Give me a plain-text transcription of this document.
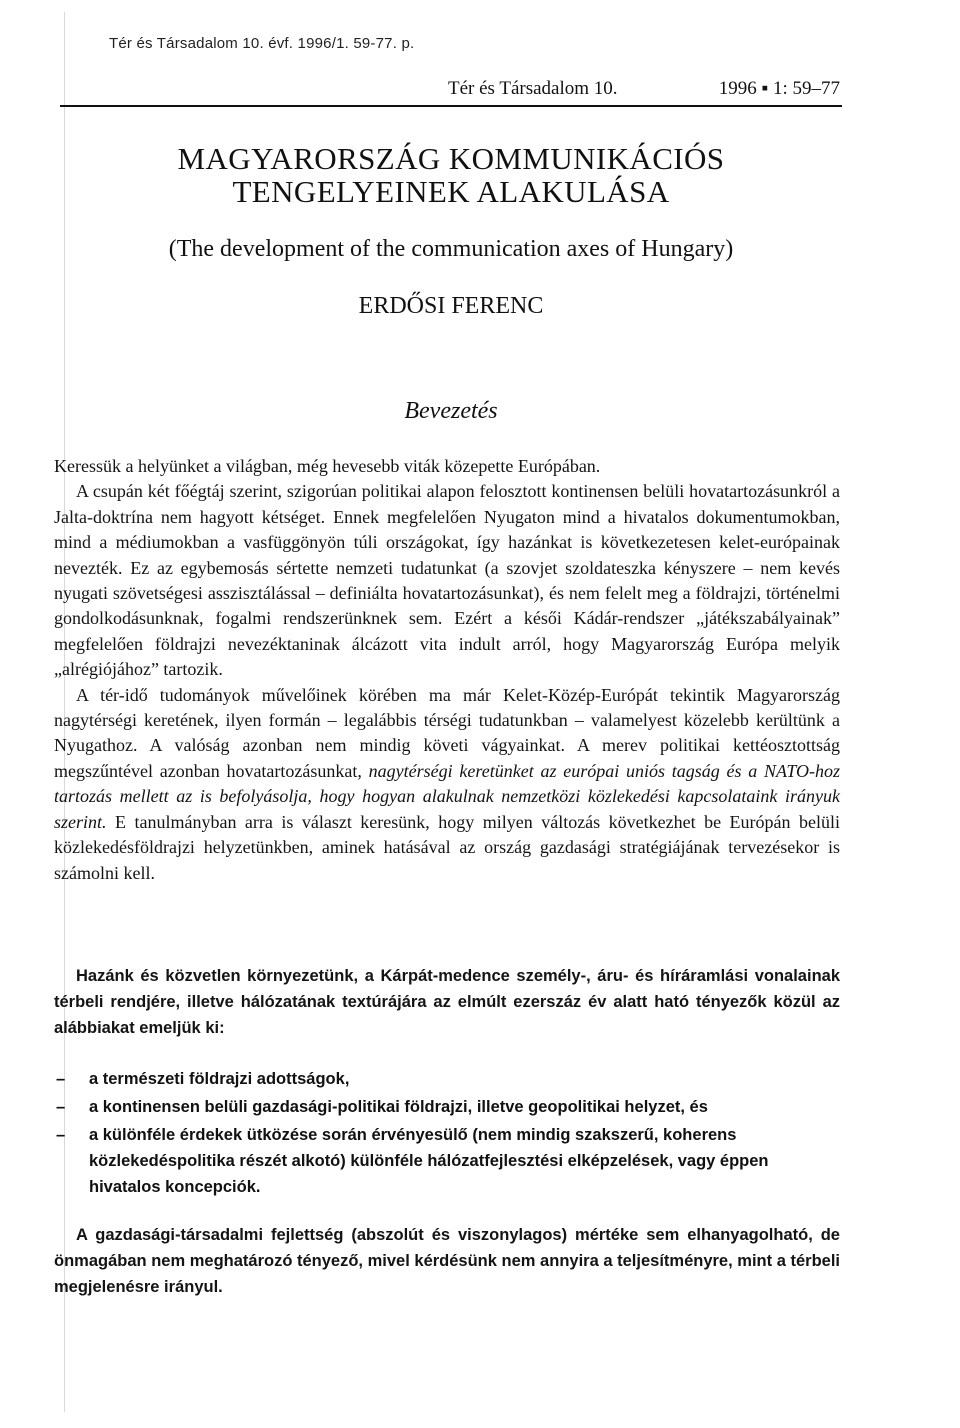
Tér és Társadalom 10. évf. 1996/1. 59-77. p.
Tér és Társadalom 10.	1996 ▪ 1: 59–77
MAGYARORSZÁG KOMMUNIKÁCIÓS
TENGELYEINEK ALAKULÁSA
(The development of the communication axes of Hungary)
ERDŐSI FERENC
Bevezetés

Keressük a helyünket a világban, még hevesebb viták közepette Európában.

A csupán két főégtáj szerint, szigorúan politikai alapon felosztott kontinensen belüli hovatartozásunkról a Jalta-doktrína nem hagyott kétséget. Ennek megfelelően Nyugaton mind a hivatalos dokumentumokban, mind a médiumokban a vasfüggönyön túli országokat, így hazánkat is következetesen kelet-európainak nevezték. Ez az egybemosás sértette nemzeti tudatunkat (a szovjet szoldateszka kényszere – nem kevés nyugati szövetségesi asszisztálással – definiálta hovatartozásunkat), és nem felelt meg a földrajzi, történelmi gondolkodásunknak, fogalmi rendszerünknek sem. Ezért a késői Kádár-rendszer „játékszabályainak” megfelelően földrajzi nevezéktaninak álcázott vita indult arról, hogy Magyarország Európa melyik „alrégiójához” tartozik.

A tér-idő tudományok művelőinek körében ma már Kelet-Közép-Európát tekintik Magyarország nagytérségi keretének, ilyen formán – legalábbis térségi tudatunkban – valamelyest közelebb kerültünk a Nyugathoz. A valóság azonban nem mindig követi vágyainkat. A merev politikai kettéosztottság megszűntével azonban hovatartozásunkat, nagytérségi keretünket az európai uniós tagság és a NATO-hoz tartozás mellett az is befolyásolja, hogy hogyan alakulnak nemzetközi közlekedési kapcsolataink irányuk szerint. E tanulmányban arra is választ keresünk, hogy milyen változás következhet be Európán belüli közlekedésföldrajzi helyzetünkben, aminek hatásával az ország gazdasági stratégiájának tervezésekor is számolni kell.

Hazánk és közvetlen környezetünk, a Kárpát-medence személy-, áru- és híráramlási vonalainak térbeli rendjére, illetve hálózatának textúrájára az elmúlt ezerszáz év alatt ható tényezők közül az alábbiakat emeljük ki:
– a természeti földrajzi adottságok,
– a kontinensen belüli gazdasági-politikai földrajzi, illetve geopolitikai helyzet, és
– a különféle érdekek ütközése során érvényesülő (nem mindig szakszerű, koherens közlekedéspolitika részét alkotó) különféle hálózatfejlesztési elképzelések, vagy éppen hivatalos koncepciók.
A gazdasági-társadalmi fejlettség (abszolút és viszonylagos) mértéke sem elhanyagolható, de önmagában nem meghatározó tényező, mivel kérdésünk nem annyira a teljesítményre, mint a térbeli megjelenésre irányul.
